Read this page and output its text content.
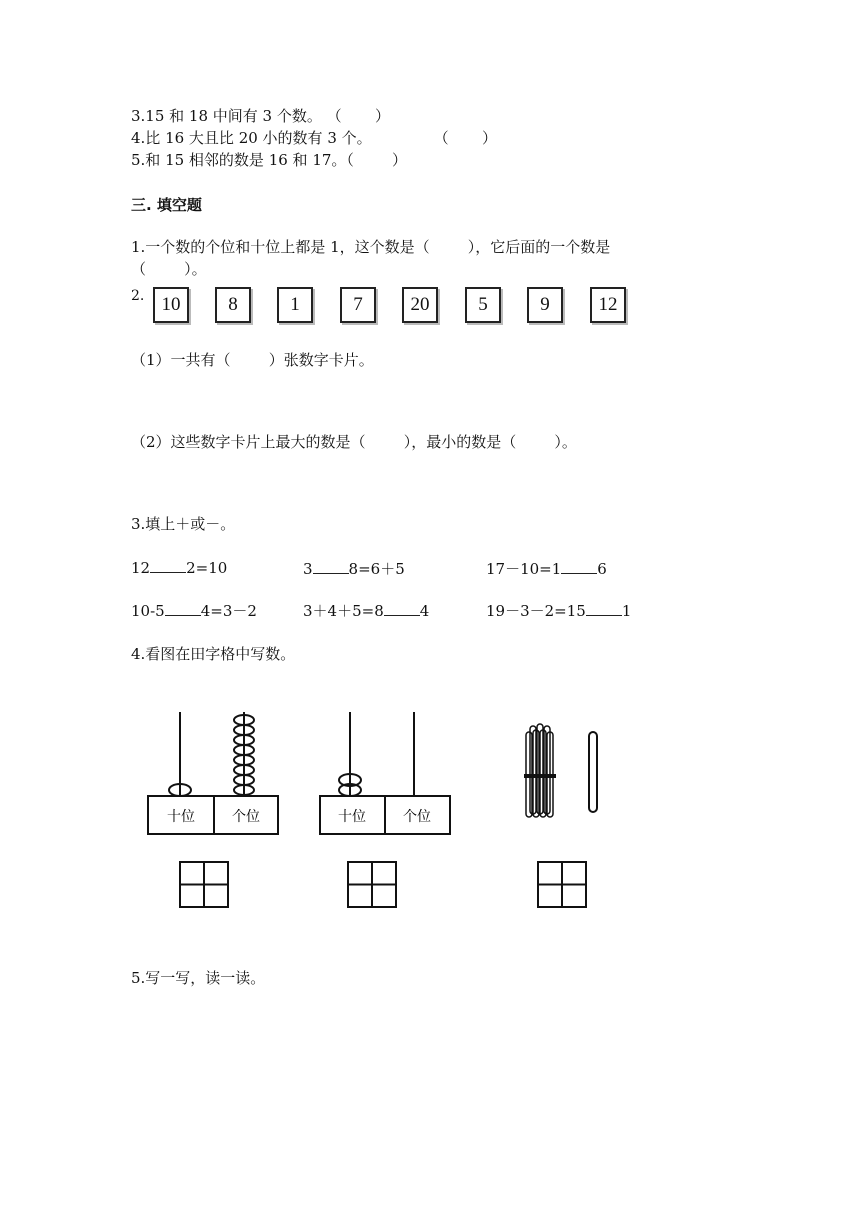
3.15 和 18 中间有 3 个数。 （       ）
4.比 16 大且比 20 小的数有 3 个。             （       ）
5.和 15 相邻的数是 16 和 17。（        ）
三. 填空题
1.一个数的个位和十位上都是 1，这个数是（        ），它后面的一个数是
（        ）。
2. 10	8	1	7	20	5	9	12
（1）一共有（        ）张数字卡片。
（2）这些数字卡片上最大的数是（        ），最小的数是（        ）。
3.填上＋或－。
12 2=10	3 8=6＋5	17－10=1 6
10-5 4=3－2	3＋4＋5=8 4	19－3－2=15 1
4.看图在田字格中写数。
十位	个位	十位	个位
5.写一写，读一读。
